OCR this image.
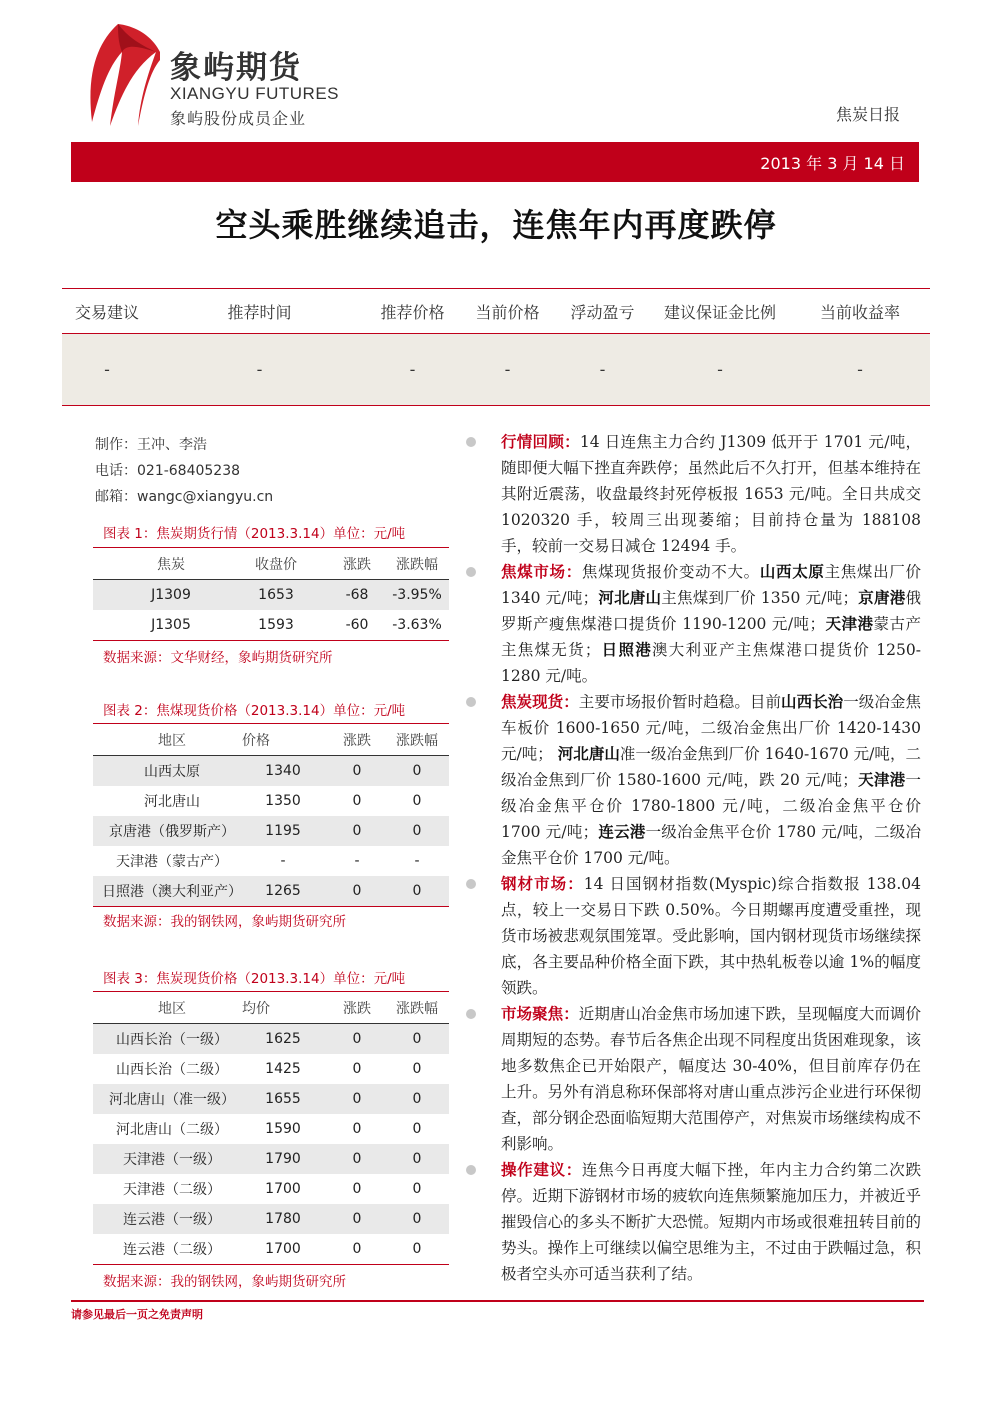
象屿期货
XIANGYU FUTURES
象屿股份成员企业	焦炭日报
2013 年 3 月 14 日
空头乘胜继续追击，连焦年内再度跌停
交易建议	推荐时间	推荐价格	当前价格	浮动盈亏	建议保证金比例	当前收益率
-	-	-	-	-	-	-
制作：王冲、李浩
电话：021-68405238
邮箱：wangc@xiangyu.cn
图表 1：焦炭期货行情（2013.3.14）单位：元/吨
焦炭	收盘价	涨跌	涨跌幅
J1309	1653	-68	-3.95%
J1305	1593	-60	-3.63%
数据来源：文华财经，象屿期货研究所
图表 2：焦煤现货价格（2013.3.14）单位：元/吨
地区	价格	涨跌	涨跌幅
山西太原	1340	0	0
河北唐山	1350	0	0
京唐港（俄罗斯产）	1195	0	0
天津港（蒙古产）	-	-	-
日照港（澳大利亚产）	1265	0	0
数据来源：我的钢铁网，象屿期货研究所
图表 3：焦炭现货价格（2013.3.14）单位：元/吨
地区	均价	涨跌	涨跌幅
山西长治（一级）	1625	0	0
山西长治（二级）	1425	0	0
河北唐山（准一级）	1655	0	0
河北唐山（二级）	1590	0	0
天津港（一级）	1790	0	0
天津港（二级）	1700	0	0
连云港（一级）	1780	0	0
连云港（二级）	1700	0	0
数据来源：我的钢铁网，象屿期货研究所
行情回顾：14 日连焦主力合约 J1309 低开于 1701 元/吨，随即便大幅下挫直奔跌停；虽然此后不久打开，但基本维持在其附近震荡，收盘最终封死停板报 1653 元/吨。全日共成交 1020320 手，较周三出现萎缩；目前持仓量为 188108 手，较前一交易日减仓 12494 手。
焦煤市场：焦煤现货报价变动不大。山西太原主焦煤出厂价 1340 元/吨；河北唐山主焦煤到厂价 1350 元/吨；京唐港俄罗斯产瘦焦煤港口提货价 1190-1200 元/吨；天津港蒙古产主焦煤无货；日照港澳大利亚产主焦煤港口提货价 1250-1280 元/吨。
焦炭现货：主要市场报价暂时趋稳。目前山西长治一级冶金焦车板价 1600-1650 元/吨，二级冶金焦出厂价 1420-1430 元/吨； 河北唐山准一级冶金焦到厂价 1640-1670 元/吨，二级冶金焦到厂价 1580-1600 元/吨，跌 20 元/吨；天津港一级冶金焦平仓价 1780-1800 元/吨，二级冶金焦平仓价 1700 元/吨；连云港一级冶金焦平仓价 1780 元/吨，二级冶金焦平仓价 1700 元/吨。
钢材市场：14 日国钢材指数(Myspic)综合指数报 138.04 点，较上一交易日下跌 0.50%。今日期螺再度遭受重挫，现货市场被悲观氛围笼罩。受此影响，国内钢材现货市场继续探底，各主要品种价格全面下跌，其中热轧板卷以逾 1%的幅度领跌。
市场聚焦：近期唐山冶金焦市场加速下跌，呈现幅度大而调价周期短的态势。春节后各焦企出现不同程度出货困难现象，该地多数焦企已开始限产，幅度达 30-40%，但目前库存仍在上升。另外有消息称环保部将对唐山重点涉污企业进行环保彻查，部分钢企恐面临短期大范围停产，对焦炭市场继续构成不利影响。
操作建议：连焦今日再度大幅下挫，年内主力合约第二次跌停。近期下游钢材市场的疲软向连焦频繁施加压力，并被近乎摧毁信心的多头不断扩大恐慌。短期内市场或很难扭转目前的势头。操作上可继续以偏空思维为主，不过由于跌幅过急，积极者空头亦可适当获利了结。
请参见最后一页之免责声明
